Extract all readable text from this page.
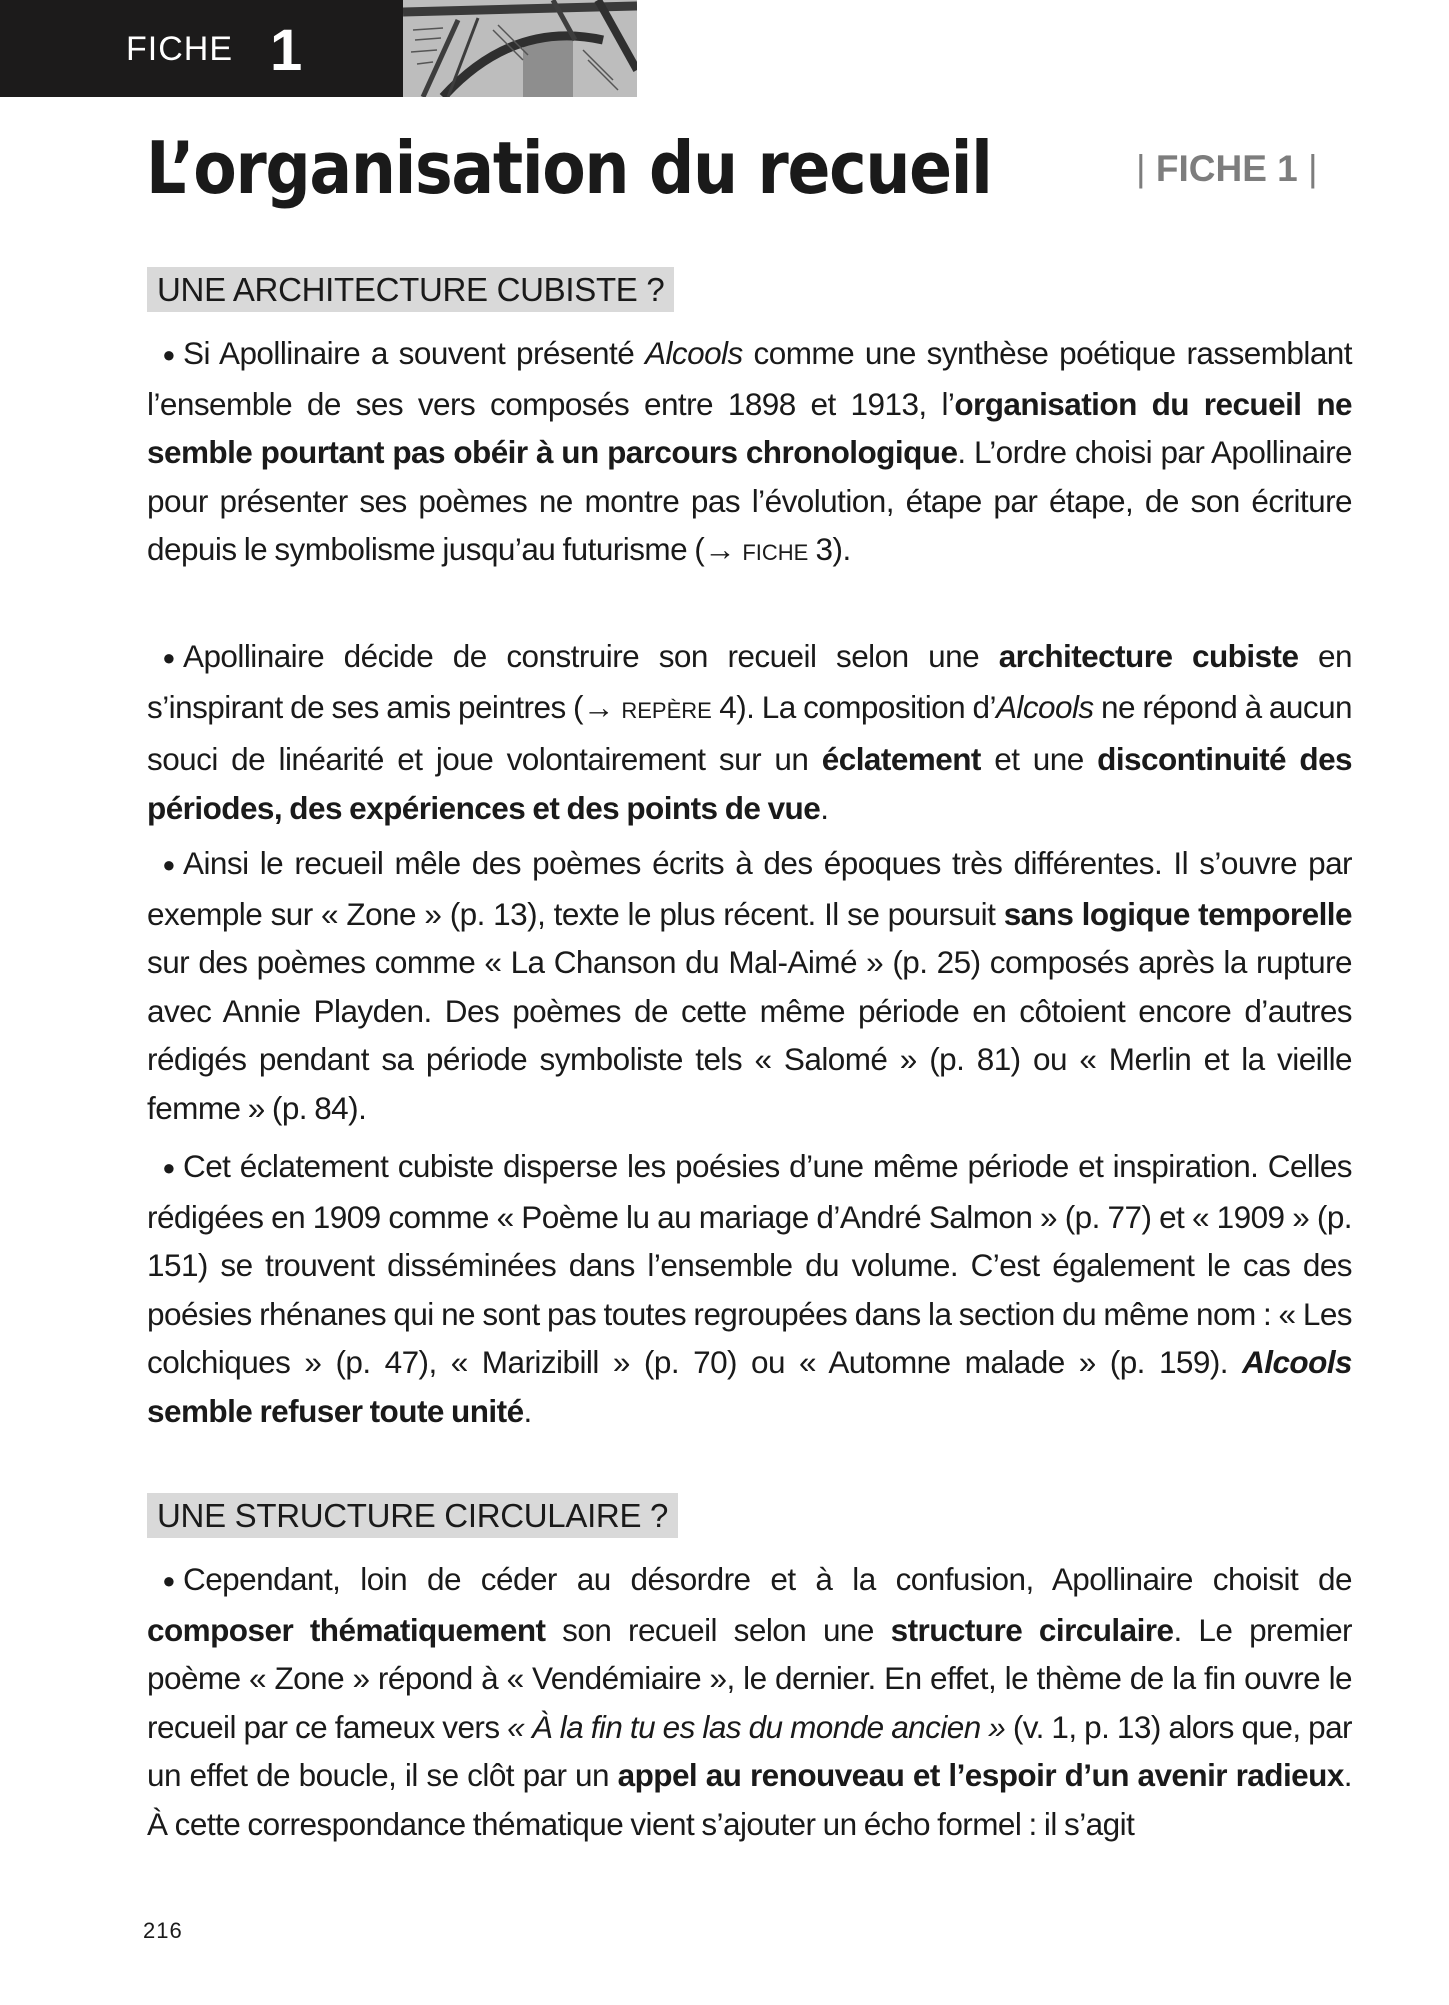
FICHE 1
L’organisation du recueil	| FICHE 1 |
UNE ARCHITECTURE CUBISTE ?

● Si Apollinaire a souvent présenté Alcools comme une synthèse poétique rassemblant l’ensemble de ses vers composés entre 1898 et 1913, l’organisation du recueil ne semble pourtant pas obéir à un parcours chronologique. L’ordre choisi par Apollinaire pour présenter ses poèmes ne montre pas l’évolution, étape par étape, de son écriture depuis le symbolisme jusqu’au futurisme (→ FICHE 3).

● Apollinaire décide de construire son recueil selon une architecture cubiste en s’inspirant de ses amis peintres (→ REPÈRE 4). La composition d’Alcools ne répond à aucun souci de linéarité et joue volontairement sur un éclatement et une discontinuité des périodes, des expériences et des points de vue.

● Ainsi le recueil mêle des poèmes écrits à des époques très différentes. Il s’ouvre par exemple sur « Zone » (p. 13), texte le plus récent. Il se poursuit sans logique temporelle sur des poèmes comme « La Chanson du Mal-Aimé » (p. 25) composés après la rupture avec Annie Playden. Des poèmes de cette même période en côtoient encore d’autres rédigés pendant sa période symboliste tels « Salomé » (p. 81) ou « Merlin et la vieille femme » (p. 84).

● Cet éclatement cubiste disperse les poésies d’une même période et inspiration. Celles rédigées en 1909 comme « Poème lu au mariage d’André Salmon » (p. 77) et « 1909 » (p. 151) se trouvent disséminées dans l’ensemble du volume. C’est également le cas des poésies rhénanes qui ne sont pas toutes regroupées dans la section du même nom : « Les colchiques » (p. 47), « Marizibill » (p. 70) ou « Automne malade » (p. 159). Alcools semble refuser toute unité.

UNE STRUCTURE CIRCULAIRE ?

● Cependant, loin de céder au désordre et à la confusion, Apollinaire choisit de composer thématiquement son recueil selon une structure circulaire. Le premier poème « Zone » répond à « Vendémiaire », le dernier. En effet, le thème de la fin ouvre le recueil par ce fameux vers « À la fin tu es las du monde ancien » (v. 1, p. 13) alors que, par un effet de boucle, il se clôt par un appel au renouveau et l’espoir d’un avenir radieux. À cette correspondance thématique vient s’ajouter un écho formel : il s’agit

216
